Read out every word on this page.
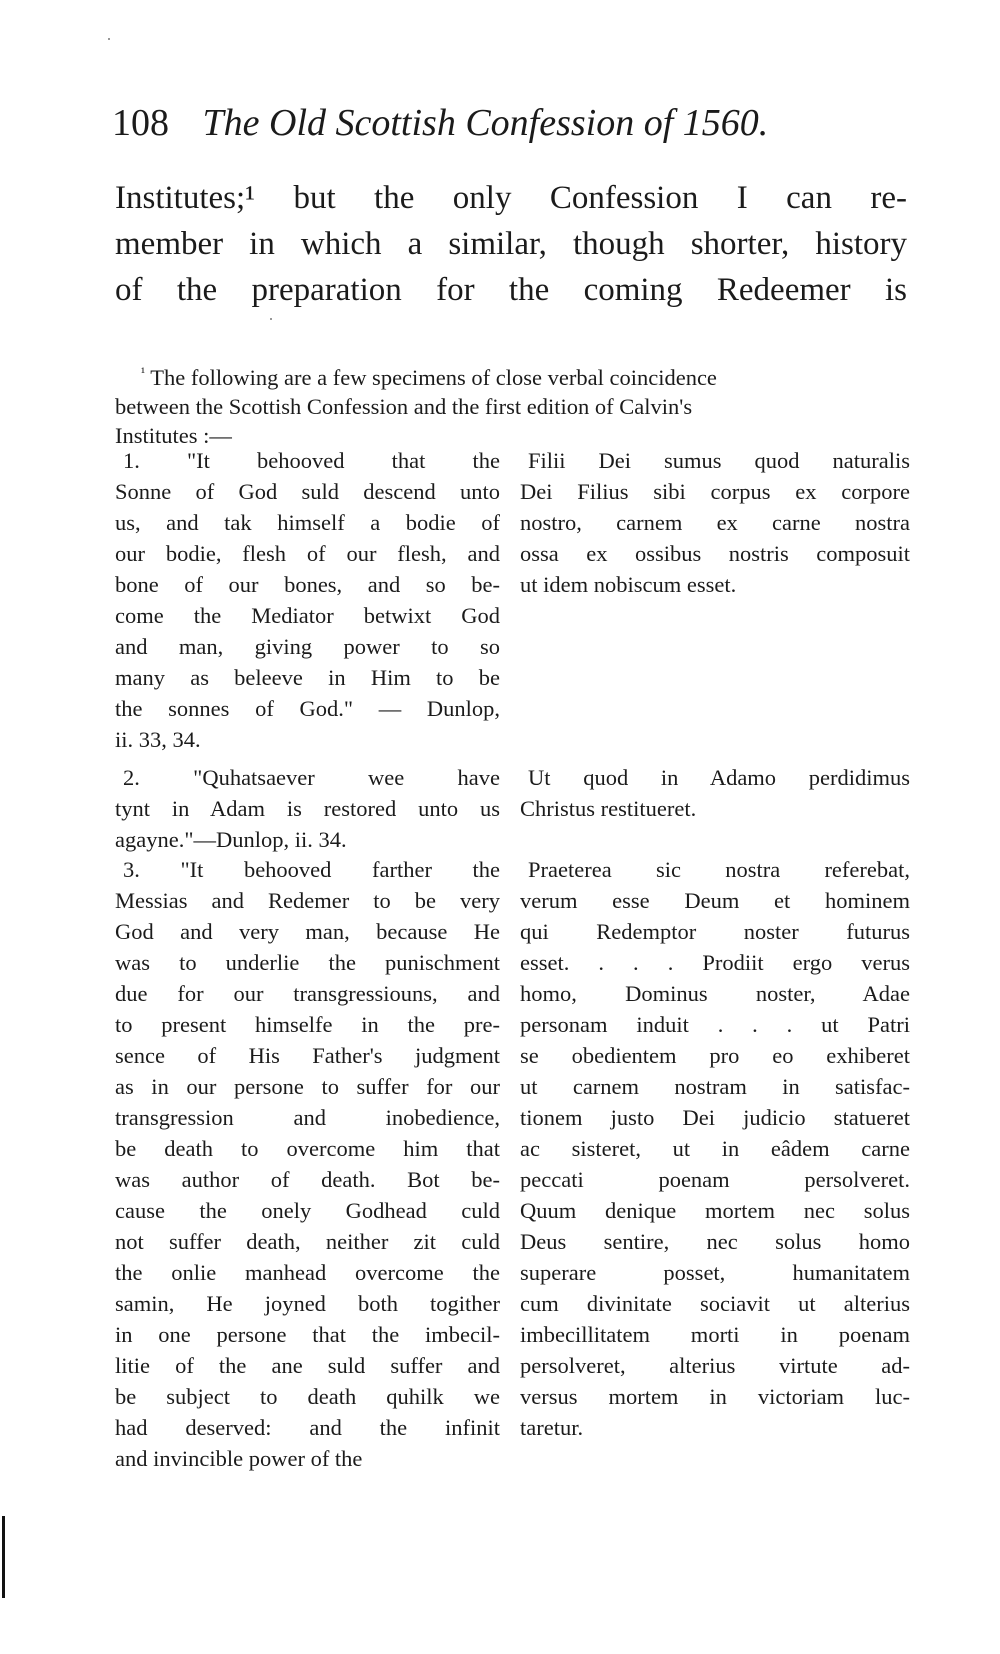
108 The Old Scottish Confession of 1560.
Institutes;¹ but the only Confession I can re-
member in which a similar, though shorter, history
of the preparation for the coming Redeemer is
$^{^1}$ The following are a few specimens of close verbal coincidence
between the Scottish Confession and the first edition of Calvin's
Institutes :—
1. "It behooved that the
Sonne of God suld descend unto
us, and tak himself a bodie of
our bodie, flesh of our flesh, and
bone of our bones, and so be-
come the Mediator betwixt God
and man, giving power to so
many as beleeve in Him to be
the sonnes of God." — Dunlop,
ii. 33, 34.
Filii Dei sumus quod naturalis
Dei Filius sibi corpus ex corpore
nostro, carnem ex carne nostra
ossa ex ossibus nostris composuit
ut idem nobiscum esset.
2. "Quhatsaever wee have
tynt in Adam is restored unto us
agayne."—Dunlop, ii. 34.
Ut quod in Adamo perdidimus
Christus restitueret.
3. "It behooved farther the
Messias and Redemer to be very
God and very man, because He
was to underlie the punischment
due for our transgressiouns, and
to present himselfe in the pre-
sence of His Father's judgment
as in our persone to suffer for our
transgression and inobedience,
be death to overcome him that
was author of death. Bot be-
cause the onely Godhead culd
not suffer death, neither zit culd
the onlie manhead overcome the
samin, He joyned both togither
in one persone that the imbecil-
litie of the ane suld suffer and
be subject to death quhilk we
had deserved: and the infinit
and invincible power of the
Praeterea sic nostra referebat,
verum esse Deum et hominem
qui Redemptor noster futurus
esset. . . . Prodiit ergo verus
homo, Dominus noster, Adae
personam induit . . . ut Patri
se obedientem pro eo exhiberet
ut carnem nostram in satisfac-
tionem justo Dei judicio statueret
ac sisteret, ut in eâdem carne
peccati poenam persolveret.
Quum denique mortem nec solus
Deus sentire, nec solus homo
superare posset, humanitatem
cum divinitate sociavit ut alterius
imbecillitatem morti in poenam
persolveret, alterius virtute ad-
versus mortem in victoriam luc-
taretur.
